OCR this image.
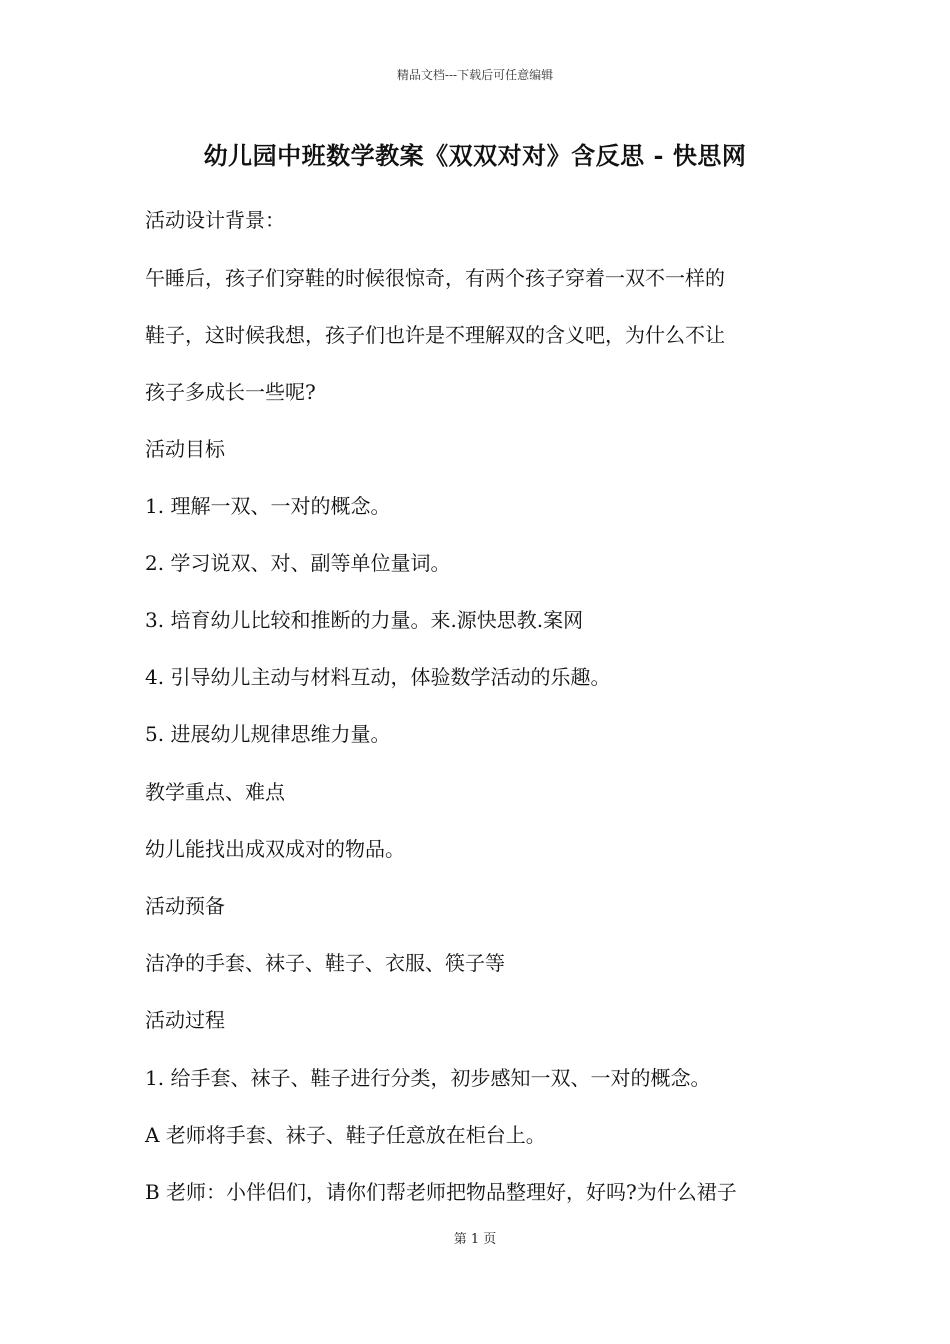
精品文档---下载后可任意编辑
幼儿园中班数学教案《双双对对》含反思 - 快思网
活动设计背景：
午睡后，孩子们穿鞋的时候很惊奇，有两个孩子穿着一双不一样的
鞋子，这时候我想，孩子们也许是不理解双的含义吧，为什么不让
孩子多成长一些呢?
活动目标
1. 理解一双、一对的概念。
2. 学习说双、对、副等单位量词。
3. 培育幼儿比较和推断的力量。来.源快思教.案网
4. 引导幼儿主动与材料互动，体验数学活动的乐趣。
5. 进展幼儿规律思维力量。
教学重点、难点
幼儿能找出成双成对的物品。
活动预备
洁净的手套、袜子、鞋子、衣服、筷子等
活动过程
1. 给手套、袜子、鞋子进行分类，初步感知一双、一对的概念。
A 老师将手套、袜子、鞋子任意放在柜台上。
B 老师：小伴侣们，请你们帮老师把物品整理好，好吗?为什么裙子
第 1 页
